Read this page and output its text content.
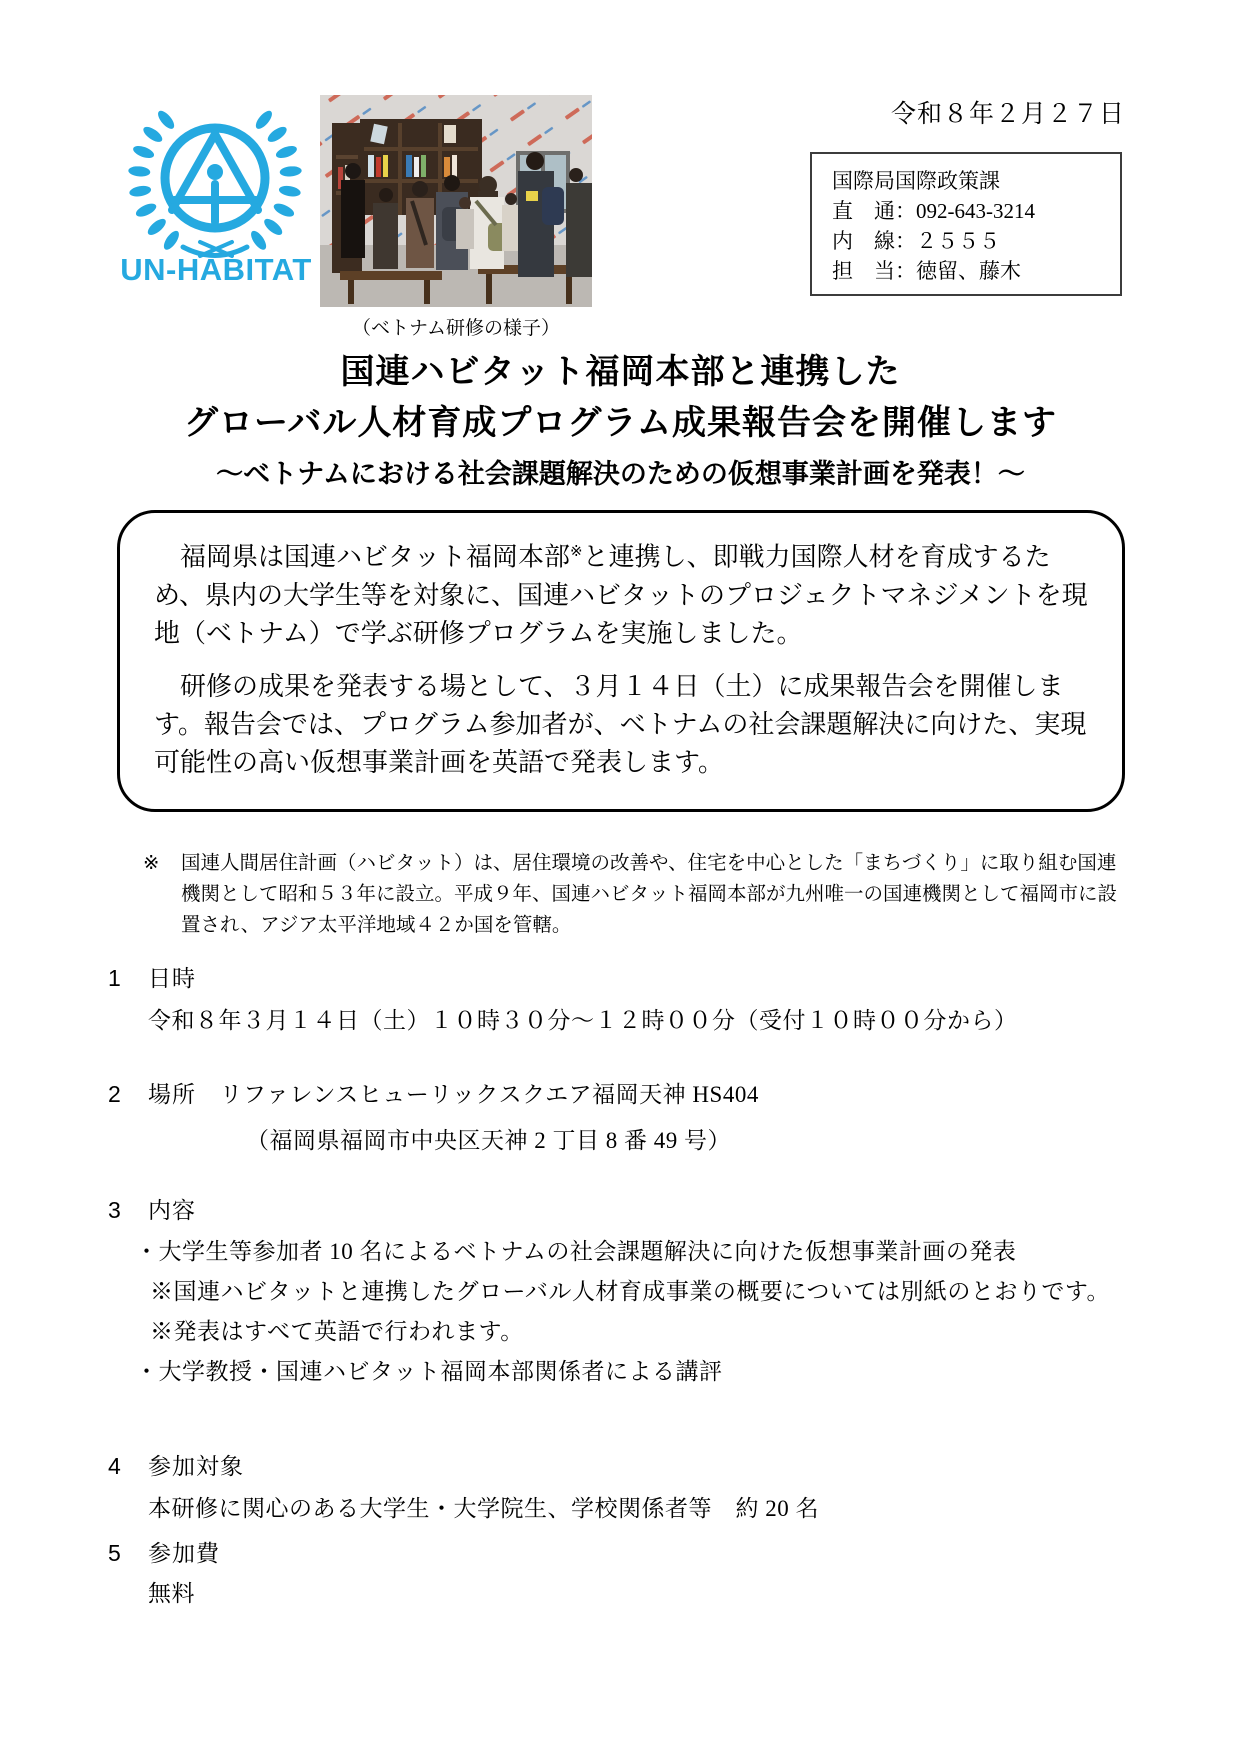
令和８年２月２７日
国際局国際政策課
直　通：092-643-3214
内　線：２５５５
担　当：徳留、藤木
UN-HABITAT
（ベトナム研修の様子）
国連ハビタット福岡本部と連携した
グローバル人材育成プログラム成果報告会を開催します
～ベトナムにおける社会課題解決のための仮想事業計画を発表！～

福岡県は国連ハビタット福岡本部※と連携し、即戦力国際人材を育成するため、県内の大学生等を対象に、国連ハビタットのプロジェクトマネジメントを現地（ベトナム）で学ぶ研修プログラムを実施しました。

研修の成果を発表する場として、３月１４日（土）に成果報告会を開催します。報告会では、プログラム参加者が、ベトナムの社会課題解決に向けた、実現可能性の高い仮想事業計画を英語で発表します。

※	国連人間居住計画（ハビタット）は、居住環境の改善や、住宅を中心とした「まちづくり」に取り組む国連機関として昭和５３年に設立。平成９年、国連ハビタット福岡本部が九州唯一の国連機関として福岡市に設置され、アジア太平洋地域４２か国を管轄。
1 日時
令和８年３月１４日（土）１０時３０分～１２時００分（受付１０時００分から）
2 場所　 リファレンスヒューリックスクエア福岡天神 HS404
（福岡県福岡市中央区天神 2 丁目 8 番 49 号）
3 内容
・大学生等参加者 10 名によるベトナムの社会課題解決に向けた仮想事業計画の発表
※国連ハビタットと連携したグローバル人材育成事業の概要については別紙のとおりです。
※発表はすべて英語で行われます。
・大学教授・国連ハビタット福岡本部関係者による講評
4 参加対象
本研修に関心のある大学生・大学院生、学校関係者等　約 20 名
5 参加費
無料
